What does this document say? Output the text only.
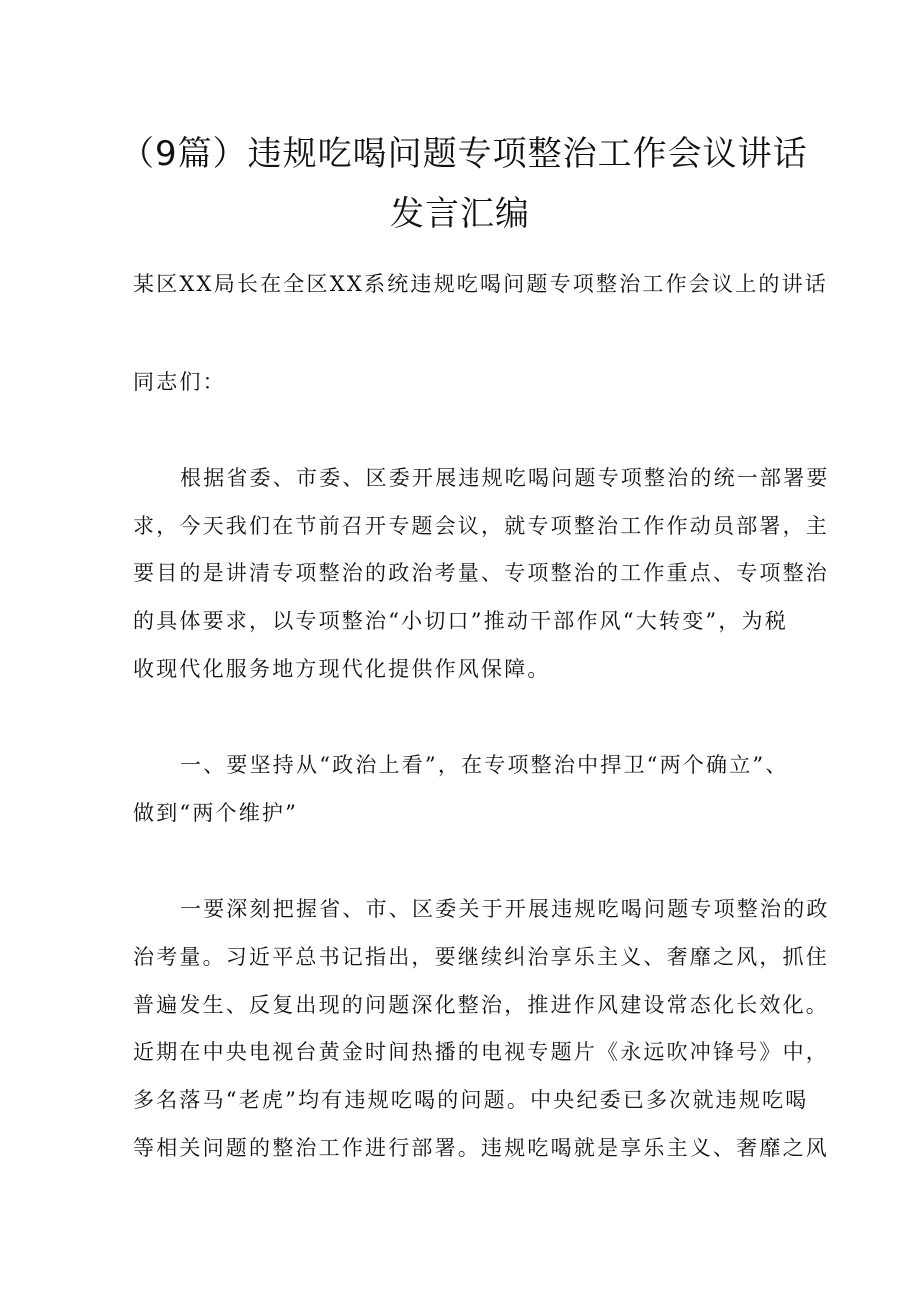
（9篇）违规吃喝问题专项整治工作会议讲话
发言汇编
某区XX局长在全区XX系统违规吃喝问题专项整治工作会议上的讲话
同志们：
根据省委、市委、区委开展违规吃喝问题专项整治的统一部署要
求，今天我们在节前召开专题会议，就专项整治工作作动员部署，主
要目的是讲清专项整治的政治考量、专项整治的工作重点、专项整治
的具体要求，以专项整治“小切口”推动干部作风“大转变”，为税
收现代化服务地方现代化提供作风保障。
一、要坚持从“政治上看”，在专项整治中捍卫“两个确立”、
做到“两个维护”
一要深刻把握省、市、区委关于开展违规吃喝问题专项整治的政
治考量。习近平总书记指出，要继续纠治享乐主义、奢靡之风，抓住
普遍发生、反复出现的问题深化整治，推进作风建设常态化长效化。
近期在中央电视台黄金时间热播的电视专题片《永远吹冲锋号》中，
多名落马“老虎”均有违规吃喝的问题。中央纪委已多次就违规吃喝
等相关问题的整治工作进行部署。违规吃喝就是享乐主义、奢靡之风
